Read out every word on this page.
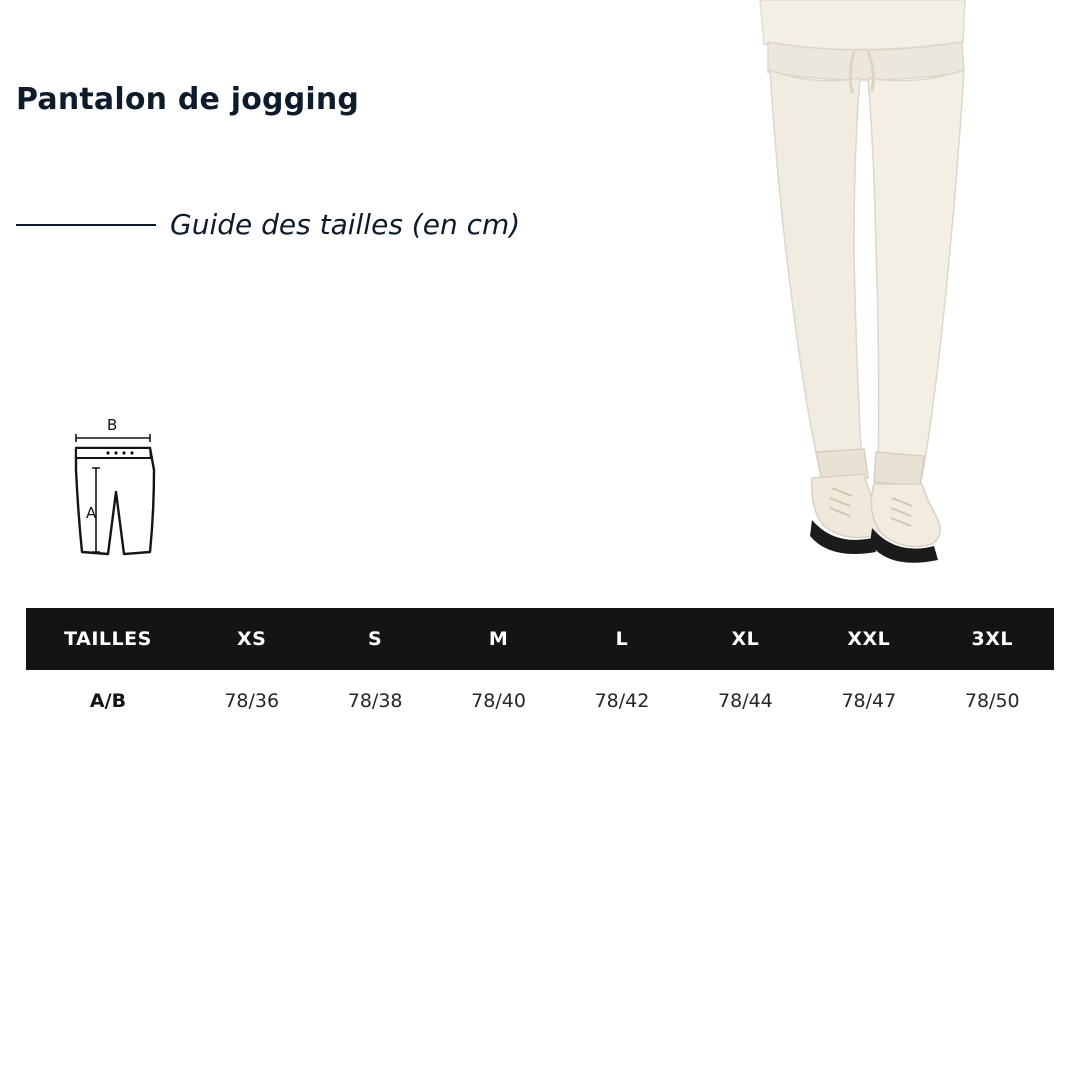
Pantalon de jogging
Guide des tailles (en cm)
B
A
TAILLES	XS	S	M	L	XL	XXL	3XL
A/B	78/36	78/38	78/40	78/42	78/44	78/47	78/50
